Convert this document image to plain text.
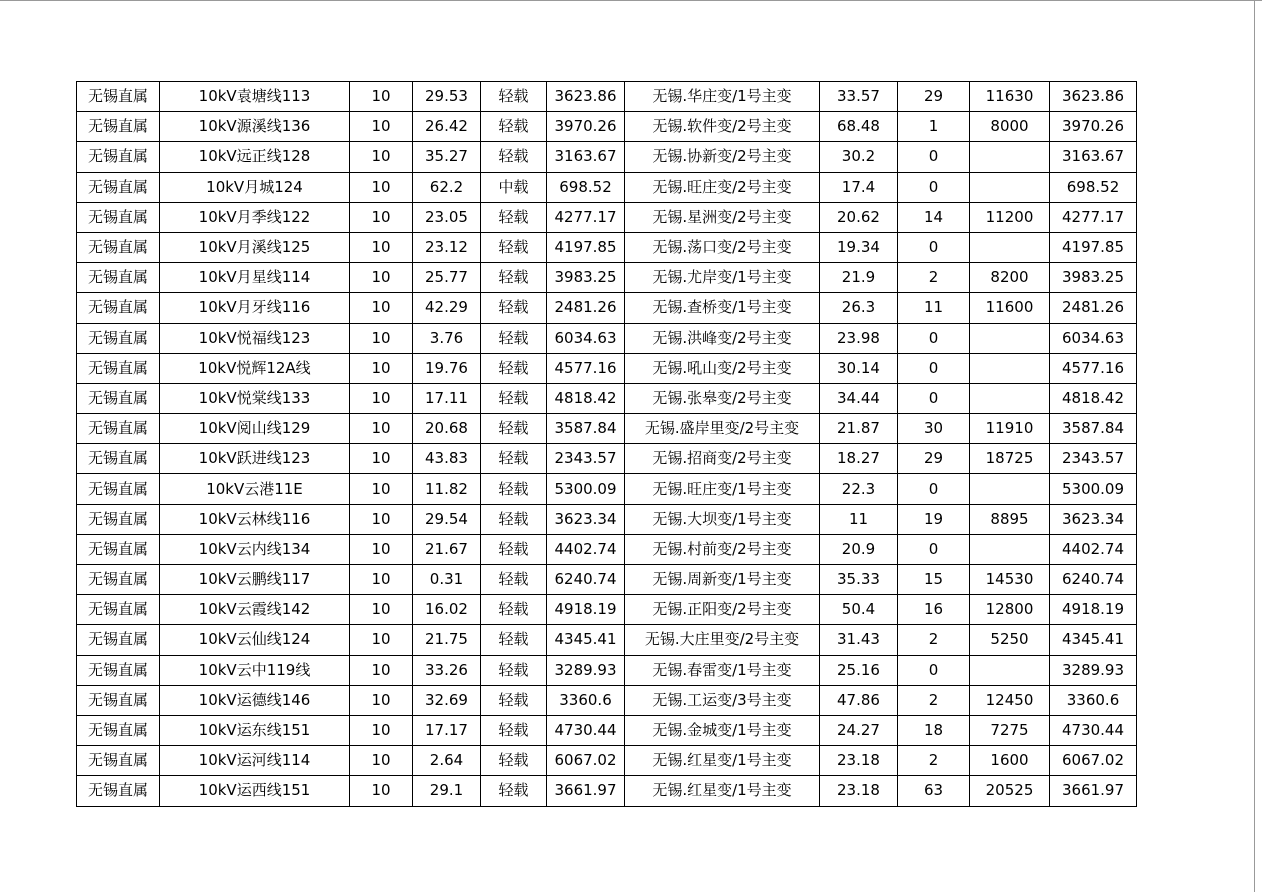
无锡直属	10kV袁塘线113	10	29.53	轻载	3623.86	无锡.华庄变/1号主变	33.57	29	11630	3623.86
无锡直属	10kV源溪线136	10	26.42	轻载	3970.26	无锡.软件变/2号主变	68.48	1	8000	3970.26
无锡直属	10kV远正线128	10	35.27	轻载	3163.67	无锡.协新变/2号主变	30.2	0		3163.67
无锡直属	10kV月城124	10	62.2	中载	698.52	无锡.旺庄变/2号主变	17.4	0		698.52
无锡直属	10kV月季线122	10	23.05	轻载	4277.17	无锡.星洲变/2号主变	20.62	14	11200	4277.17
无锡直属	10kV月溪线125	10	23.12	轻载	4197.85	无锡.荡口变/2号主变	19.34	0		4197.85
无锡直属	10kV月星线114	10	25.77	轻载	3983.25	无锡.尤岸变/1号主变	21.9	2	8200	3983.25
无锡直属	10kV月牙线116	10	42.29	轻载	2481.26	无锡.查桥变/1号主变	26.3	11	11600	2481.26
无锡直属	10kV悦福线123	10	3.76	轻载	6034.63	无锡.洪峰变/2号主变	23.98	0		6034.63
无锡直属	10kV悦辉12A线	10	19.76	轻载	4577.16	无锡.吼山变/2号主变	30.14	0		4577.16
无锡直属	10kV悦棠线133	10	17.11	轻载	4818.42	无锡.张皋变/2号主变	34.44	0		4818.42
无锡直属	10kV阅山线129	10	20.68	轻载	3587.84	无锡.盛岸里变/2号主变	21.87	30	11910	3587.84
无锡直属	10kV跃进线123	10	43.83	轻载	2343.57	无锡.招商变/2号主变	18.27	29	18725	2343.57
无锡直属	10kV云港11E	10	11.82	轻载	5300.09	无锡.旺庄变/1号主变	22.3	0		5300.09
无锡直属	10kV云林线116	10	29.54	轻载	3623.34	无锡.大坝变/1号主变	11	19	8895	3623.34
无锡直属	10kV云内线134	10	21.67	轻载	4402.74	无锡.村前变/2号主变	20.9	0		4402.74
无锡直属	10kV云鹏线117	10	0.31	轻载	6240.74	无锡.周新变/1号主变	35.33	15	14530	6240.74
无锡直属	10kV云霞线142	10	16.02	轻载	4918.19	无锡.正阳变/2号主变	50.4	16	12800	4918.19
无锡直属	10kV云仙线124	10	21.75	轻载	4345.41	无锡.大庄里变/2号主变	31.43	2	5250	4345.41
无锡直属	10kV云中119线	10	33.26	轻载	3289.93	无锡.春雷变/1号主变	25.16	0		3289.93
无锡直属	10kV运德线146	10	32.69	轻载	3360.6	无锡.工运变/3号主变	47.86	2	12450	3360.6
无锡直属	10kV运东线151	10	17.17	轻载	4730.44	无锡.金城变/1号主变	24.27	18	7275	4730.44
无锡直属	10kV运河线114	10	2.64	轻载	6067.02	无锡.红星变/1号主变	23.18	2	1600	6067.02
无锡直属	10kV运西线151	10	29.1	轻载	3661.97	无锡.红星变/1号主变	23.18	63	20525	3661.97
